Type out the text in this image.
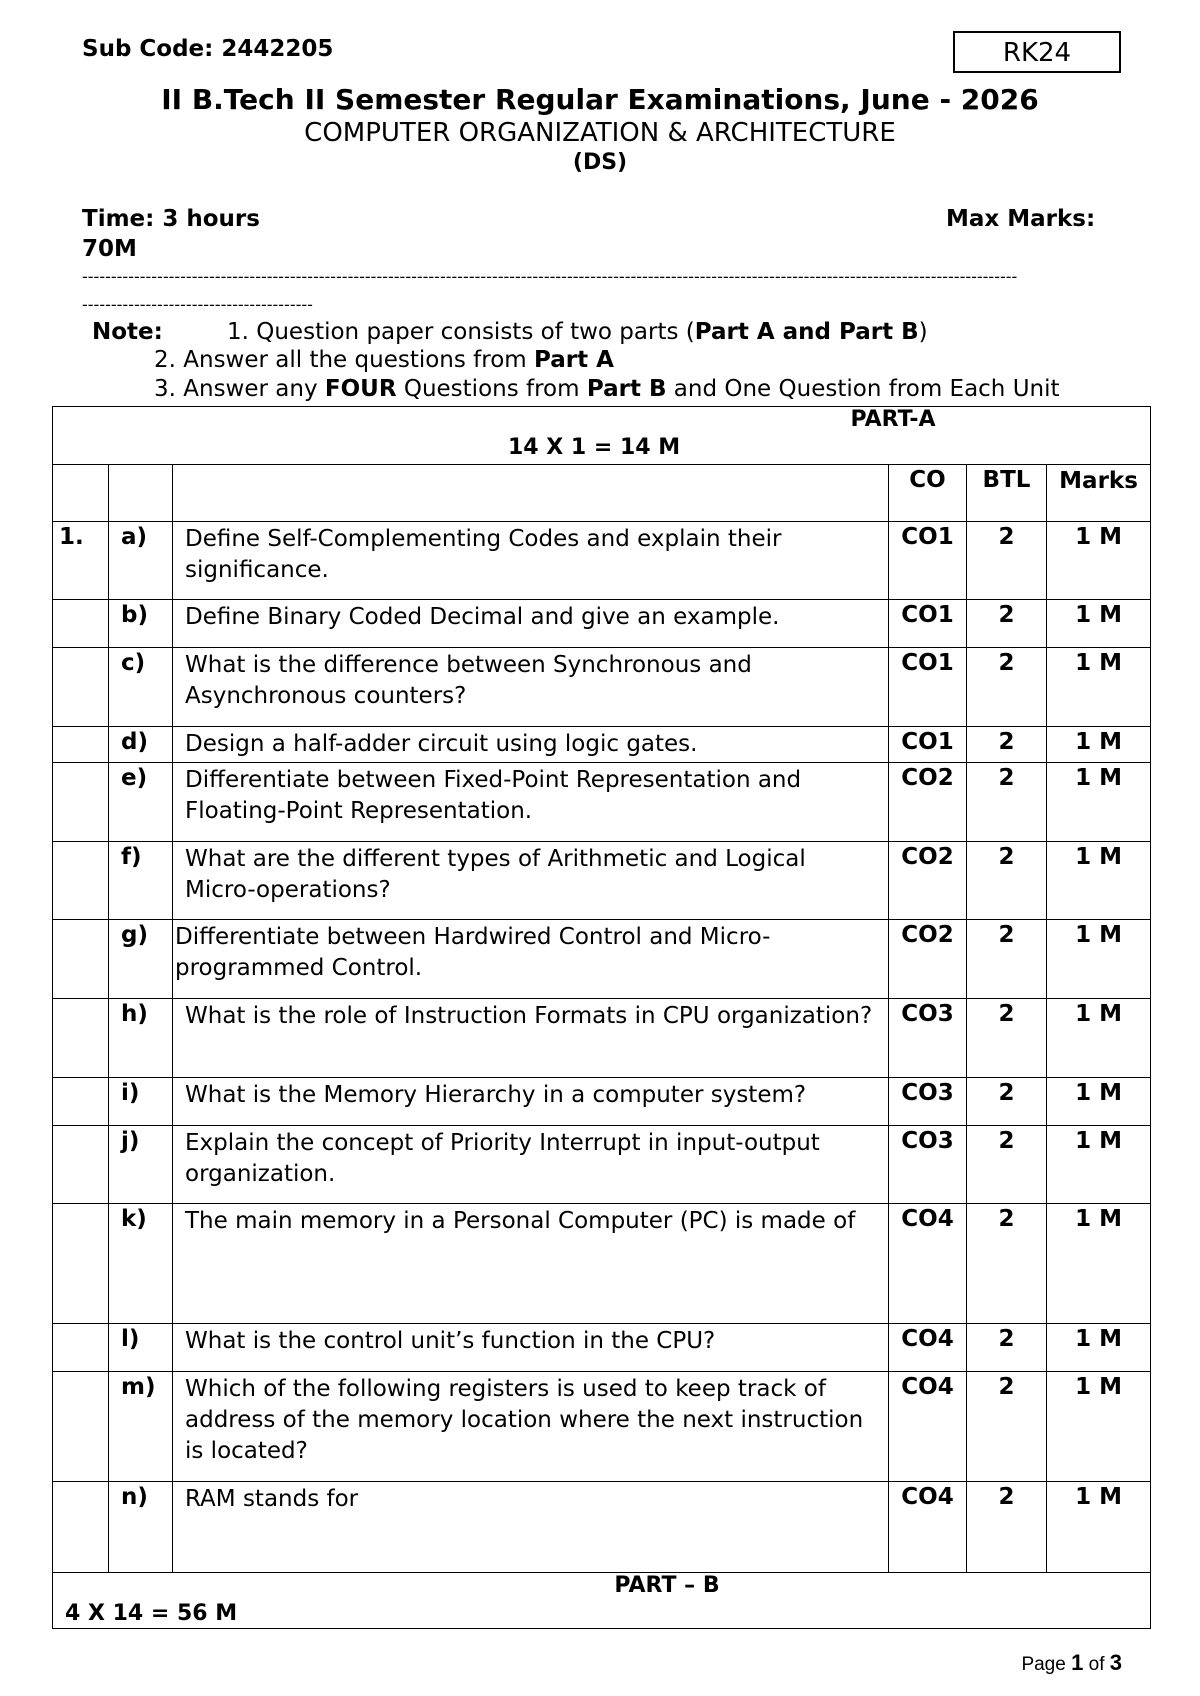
Sub Code: 2442205	RK24
II B.Tech II Semester Regular Examinations, June - 2026
COMPUTER ORGANIZATION & ARCHITECTURE
(DS)
Time: 3 hours	Max Marks:
70M
------------------------------------------------------------------------------------------------------------------------------------------------------------------
----------------------------------------
Note:	1. Question paper consists of two parts (Part A and Part B)
2. Answer all the questions from Part A
3. Answer any FOUR Questions from Part B and One Question from Each Unit
PART-A
14 X 1 = 14 M					

			CO	BTL	Marks
1.	a)	Define Self-Complementing Codes and explain their significance.	CO1	2	1 M
	b)	Define Binary Coded Decimal and give an example.	CO1	2	1 M
	c)	What is the difference between Synchronous and Asynchronous counters?	CO1	2	1 M
	d)	Design a half-adder circuit using logic gates.	CO1	2	1 M
	e)	Differentiate between Fixed-Point Representation and Floating-Point Representation.	CO2	2	1 M
	f)	What are the different types of Arithmetic and Logical Micro-operations?	CO2	2	1 M
	g)	Differentiate between Hardwired Control and Micro-programmed Control.	CO2	2	1 M
	h)	What is the role of Instruction Formats in CPU organization?	CO3	2	1 M
	i)	What is the Memory Hierarchy in a computer system?	CO3	2	1 M
	j)	Explain the concept of Priority Interrupt in input-output organization.	CO3	2	1 M
	k)	The main memory in a Personal Computer (PC) is made of	CO4	2	1 M
	l)	What is the control unit’s function in the CPU?	CO4	2	1 M
	m)	Which of the following registers is used to keep track of address of the memory location where the next instruction is located?	CO4	2	1 M
	n)	RAM stands for	CO4	2	1 M

PART – B
4 X 14 = 56 M					
Page 1 of 3
